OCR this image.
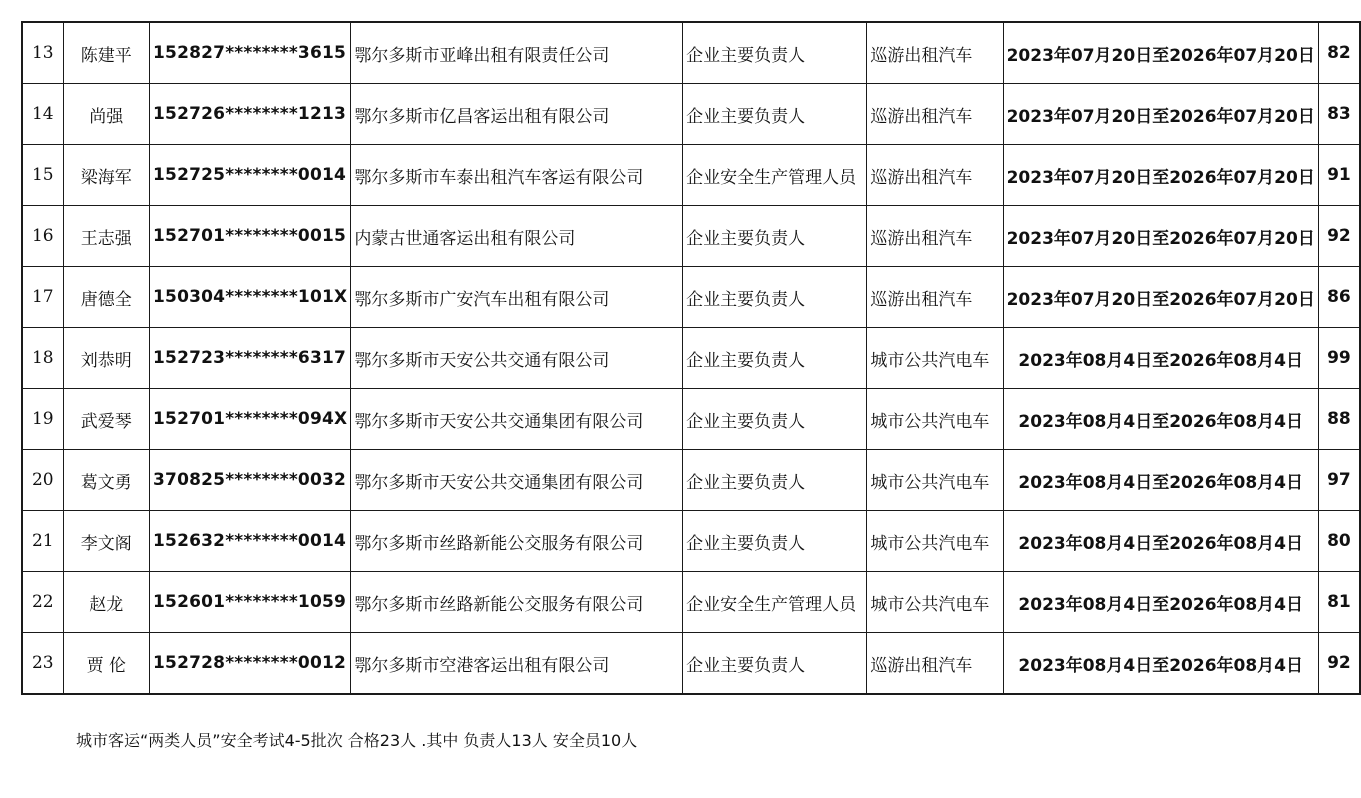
13	陈建平	152827********3615	鄂尔多斯市亚峰出租有限责任公司	企业主要负责人	巡游出租汽车	2023年07月20日至2026年07月20日	82
14	尚强	152726********1213	鄂尔多斯市亿昌客运出租有限公司	企业主要负责人	巡游出租汽车	2023年07月20日至2026年07月20日	83
15	梁海军	152725********0014	鄂尔多斯市车泰出租汽车客运有限公司	企业安全生产管理人员	巡游出租汽车	2023年07月20日至2026年07月20日	91
16	王志强	152701********0015	内蒙古世通客运出租有限公司	企业主要负责人	巡游出租汽车	2023年07月20日至2026年07月20日	92
17	唐德全	150304********101X	鄂尔多斯市广安汽车出租有限公司	企业主要负责人	巡游出租汽车	2023年07月20日至2026年07月20日	86
18	刘恭明	152723********6317	鄂尔多斯市天安公共交通有限公司	企业主要负责人	城市公共汽电车	2023年08月4日至2026年08月4日	99
19	武爱琴	152701********094X	鄂尔多斯市天安公共交通集团有限公司	企业主要负责人	城市公共汽电车	2023年08月4日至2026年08月4日	88
20	葛文勇	370825********0032	鄂尔多斯市天安公共交通集团有限公司	企业主要负责人	城市公共汽电车	2023年08月4日至2026年08月4日	97
21	李文阁	152632********0014	鄂尔多斯市丝路新能公交服务有限公司	企业主要负责人	城市公共汽电车	2023年08月4日至2026年08月4日	80
22	赵龙	152601********1059	鄂尔多斯市丝路新能公交服务有限公司	企业安全生产管理人员	城市公共汽电车	2023年08月4日至2026年08月4日	81
23	贾 伦	152728********0012	鄂尔多斯市空港客运出租有限公司	企业主要负责人	巡游出租汽车	2023年08月4日至2026年08月4日	92
城市客运“两类人员”安全考试4-5批次 合格23人 .其中 负责人13人 安全员10人
